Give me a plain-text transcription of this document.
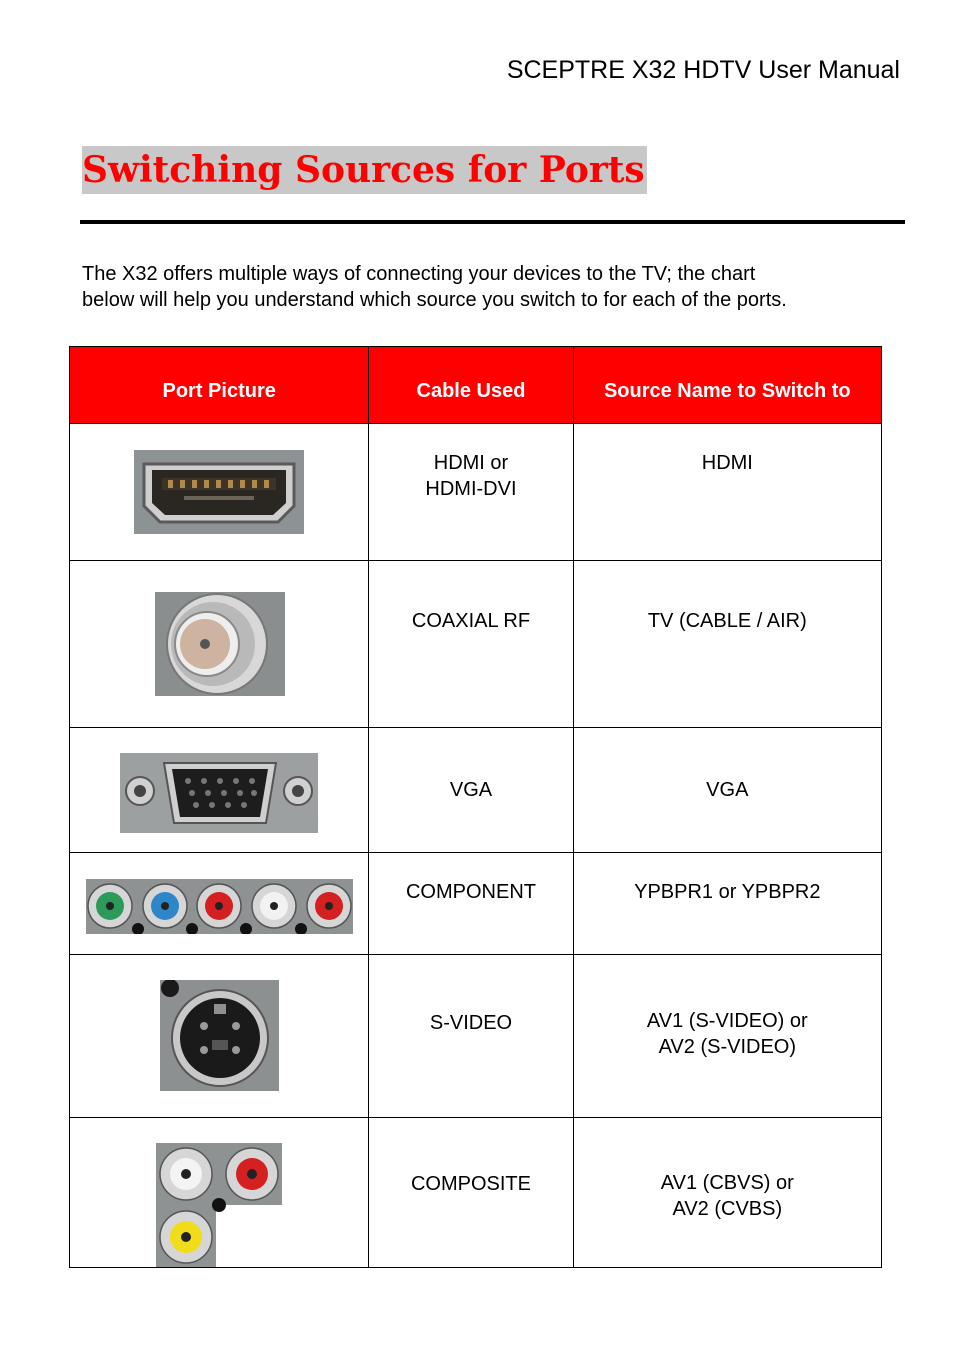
SCEPTRE X32 HDTV User Manual
Switching Sources for Ports
The X32 offers multiple ways of connecting your devices to the TV; the chart
below will help you understand which source you switch to for each of the ports.
Port Picture	Cable Used	Source Name to Switch to

HDMI or
HDMI-DVI	HDMI

COAXIAL RF	TV (CABLE / AIR)

VGA	VGA

COMPONENT	YPBPR1 or YPBPR2

S-VIDEO	AV1 (S-VIDEO) or
AV2 (S-VIDEO)

COMPOSITE	AV1 (CBVS) or
AV2 (CVBS)
